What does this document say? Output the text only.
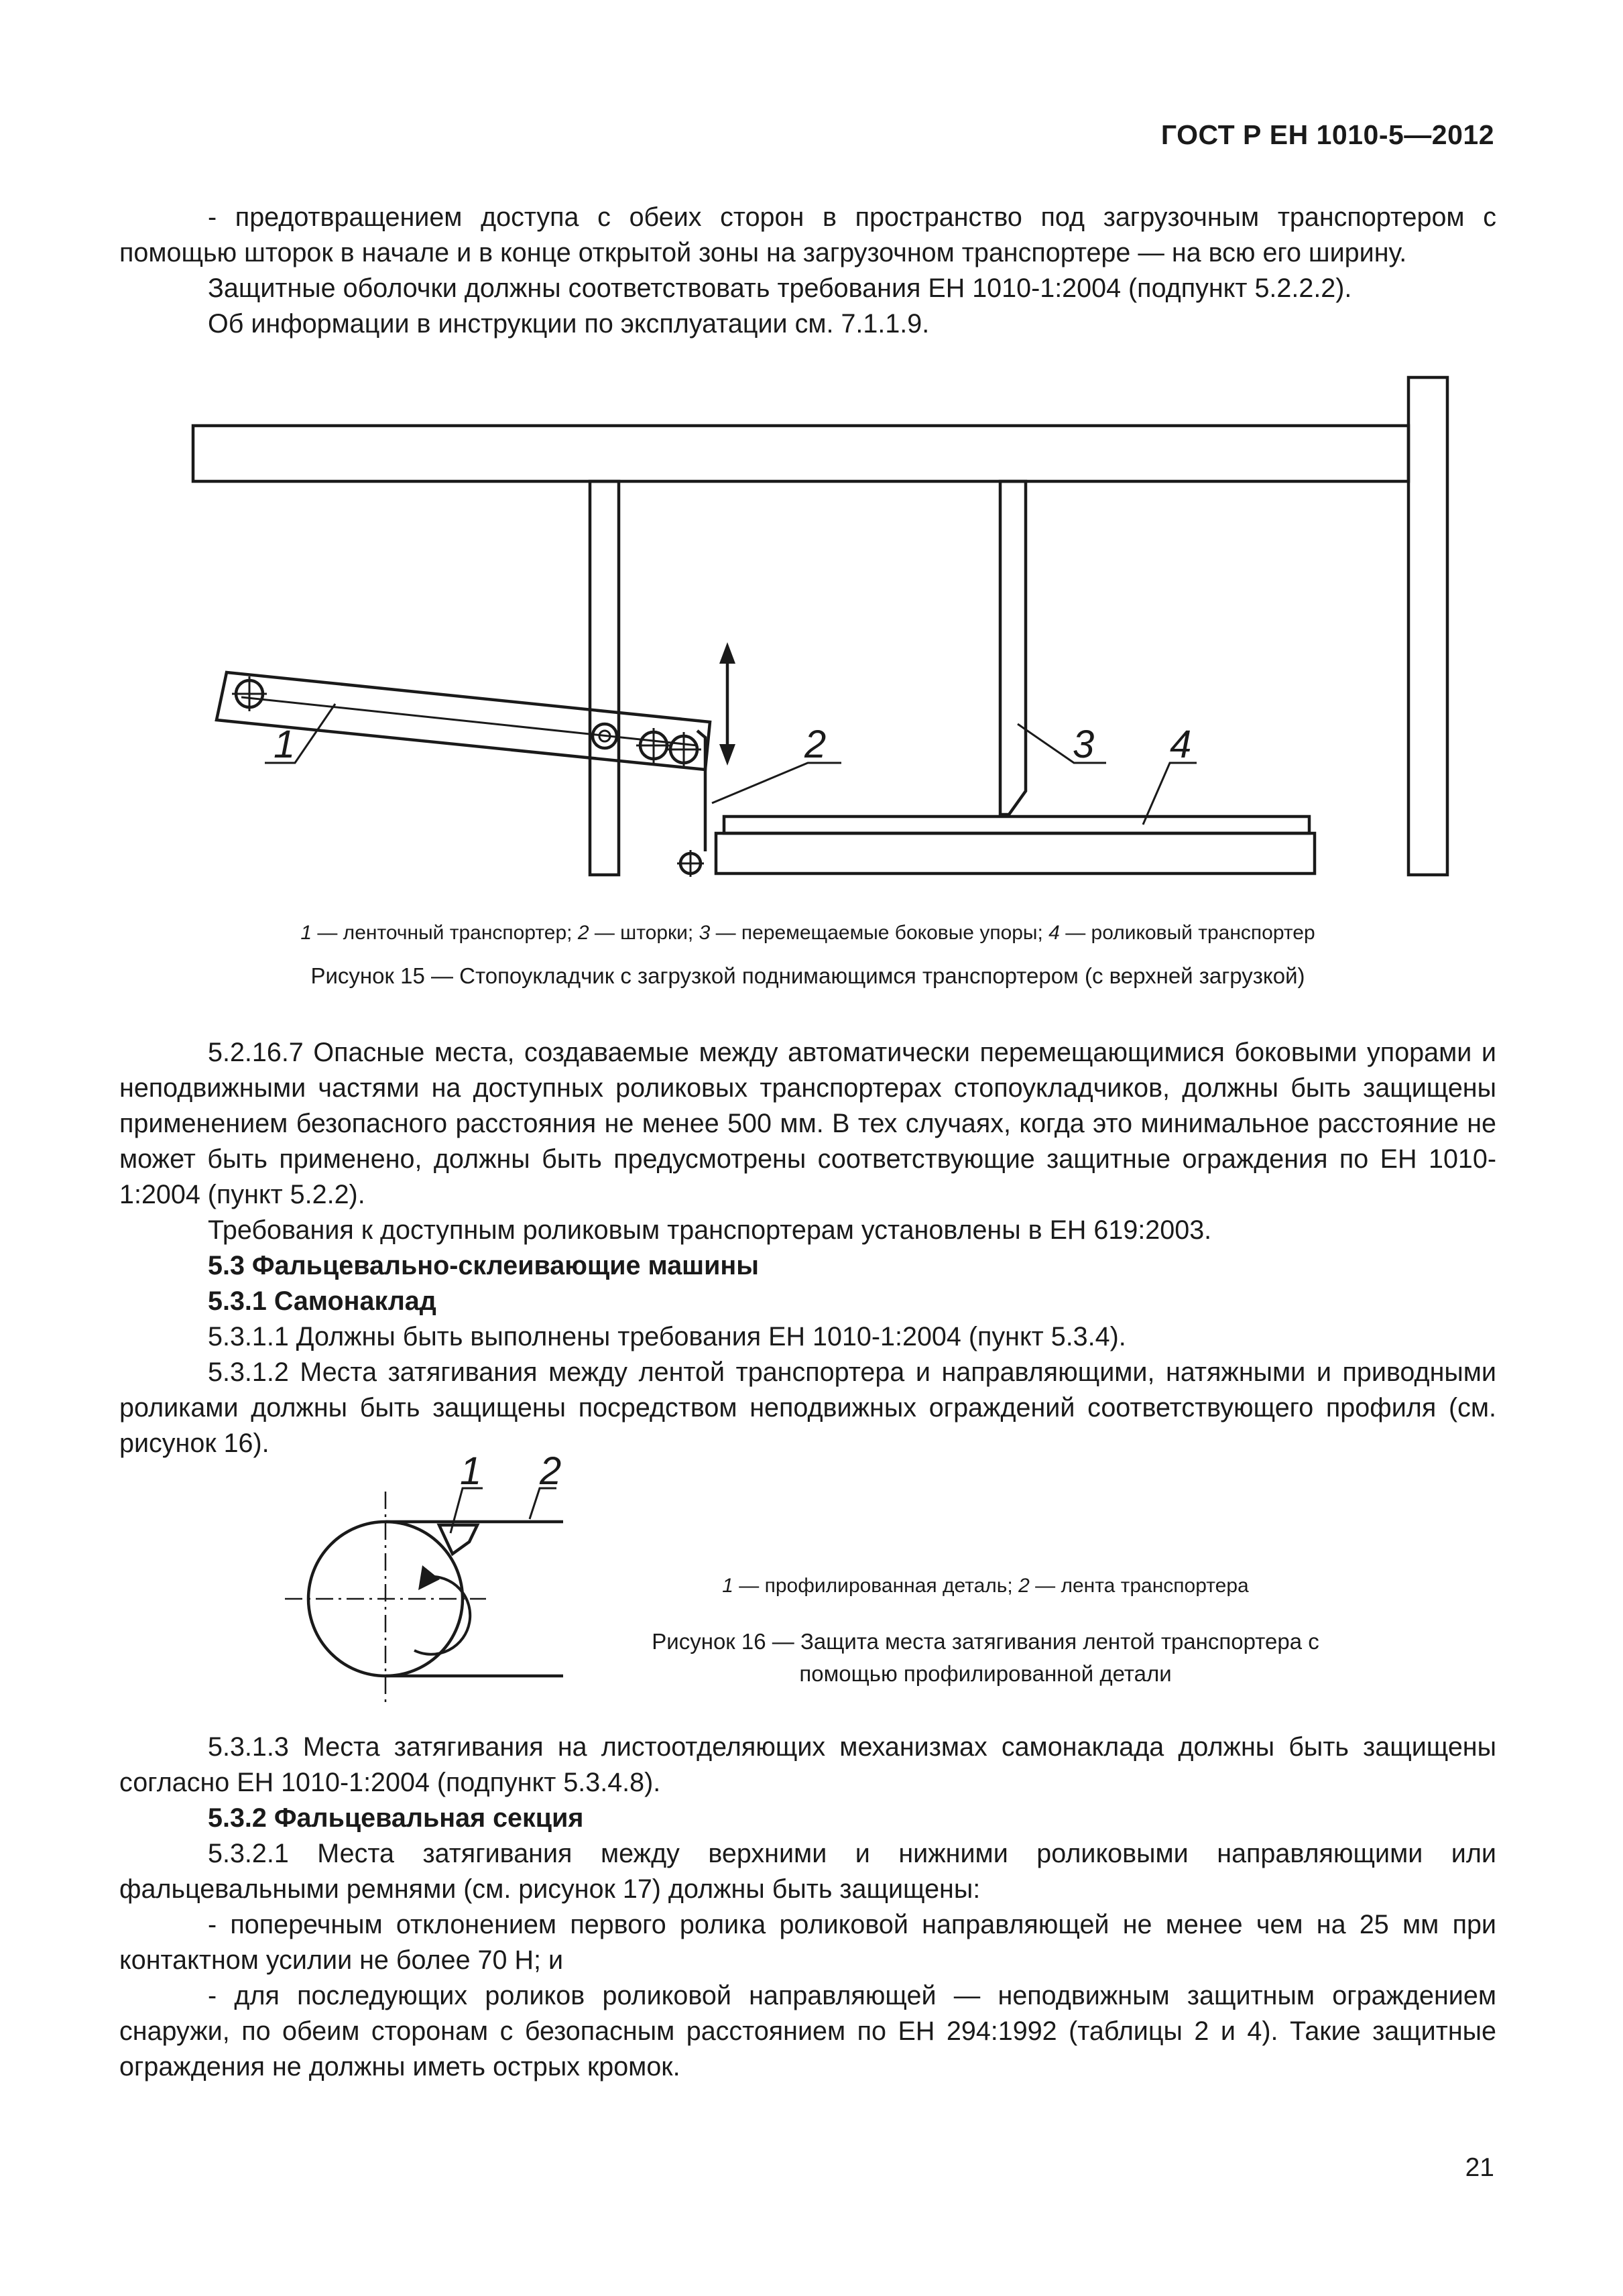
ГОСТ Р ЕН 1010-5—2012

- предотвращением доступа с обеих сторон в пространство под загрузочным транспортером с помощью шторок в начале и в конце открытой зоны на загрузочном транспортере — на всю его ширину.

Защитные оболочки должны соответствовать требования ЕН 1010-1:2004 (подпункт 5.2.2.2).

Об информации в инструкции по эксплуатации см. 7.1.1.9.

1	2	3 4
1 2
1 — ленточный транспортер; 2 — шторки; 3 — перемещаемые боковые упоры; 4 — роликовый транспортер
Рисунок 15 — Стопоукладчик с загрузкой поднимающимся транспортером (с верхней загрузкой)

5.2.16.7 Опасные места, создаваемые между автоматически перемещающимися боковыми упорами и неподвижными частями на доступных роликовых транспортерах стопоукладчиков, должны быть защищены применением безопасного расстояния не менее 500 мм. В тех случаях, когда это минимальное расстояние не может быть применено, должны быть предусмотрены соответствующие защитные ограждения по ЕН 1010-1:2004 (пункт 5.2.2).

Требования к доступным роликовым транспортерам установлены в ЕН 619:2003.

5.3 Фальцевально-склеивающие машины

5.3.1 Самонаклад

5.3.1.1 Должны быть выполнены требования ЕН 1010-1:2004 (пункт 5.3.4).

5.3.1.2 Места затягивания между лентой транспортера и направляющими, натяжными и приводными роликами должны быть защищены посредством неподвижных ограждений соответствующего профиля (см. рисунок 16).

1 — профилированная деталь; 2 — лента транспортера
Рисунок 16 — Защита места затягивания лентой транспортера с помощью профилированной детали

5.3.1.3 Места затягивания на листоотделяющих механизмах самонаклада должны быть защищены согласно ЕН 1010-1:2004 (подпункт 5.3.4.8).

5.3.2 Фальцевальная секция

5.3.2.1 Места затягивания между верхними и нижними роликовыми направляющими или фальцевальными ремнями (см. рисунок 17) должны быть защищены:

- поперечным отклонением первого ролика роликовой направляющей не менее чем на 25 мм при контактном усилии не более 70 Н; и

- для последующих роликов роликовой направляющей — неподвижным защитным ограждением снаружи, по обеим сторонам с безопасным расстоянием по ЕН 294:1992 (таблицы 2 и 4). Такие защитные ограждения не должны иметь острых кромок.

21
